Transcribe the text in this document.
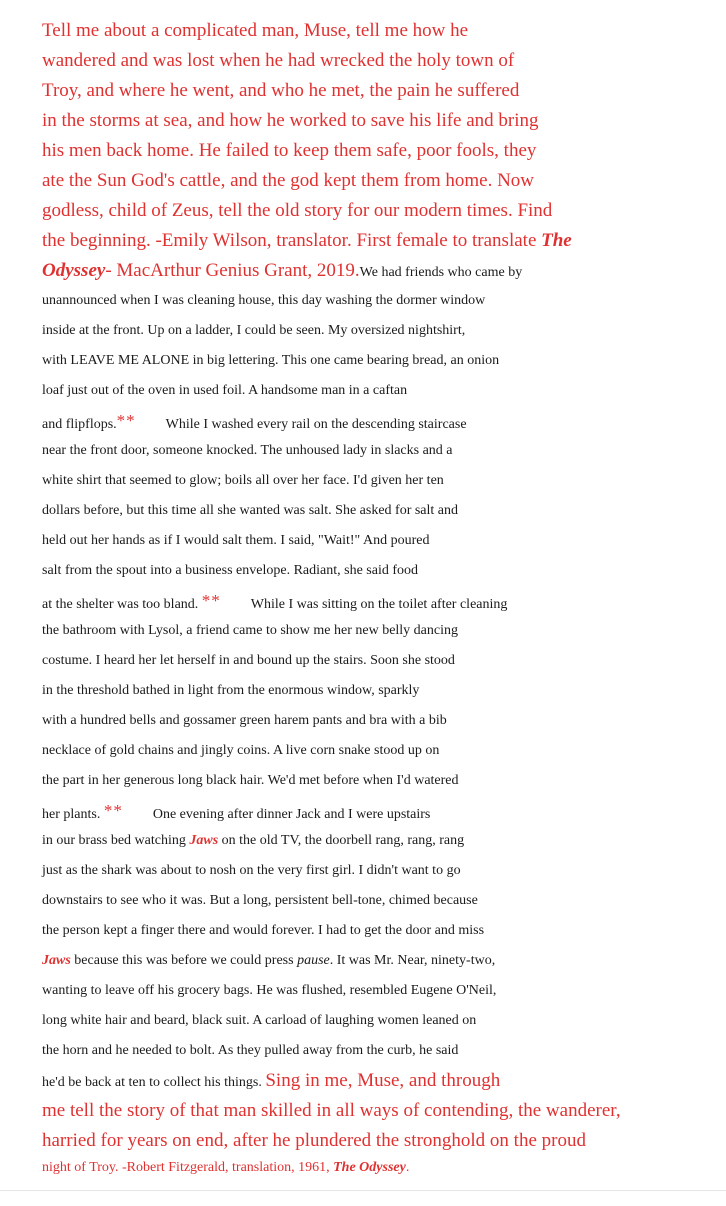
Tell me about a complicated man, Muse, tell me how he
wandered and was lost when he had wrecked the holy town of
Troy, and where he went, and who he met, the pain he suffered
in the storms at sea, and how he worked to save his life and bring
his men back home. He failed to keep them safe, poor fools, they
ate the Sun God's cattle, and the god kept them from home. Now
godless, child of Zeus, tell the old story for our modern times. Find
the beginning. -Emily Wilson, translator. First female to translate The
Odyssey- MacArthur Genius Grant, 2019.We had friends who came by
unannounced when I was cleaning house, this day washing the dormer window
inside at the front. Up on a ladder, I could be seen. My oversized nightshirt,
with LEAVE ME ALONE in big lettering. This one came bearing bread, an onion
loaf just out of the oven in used foil. A handsome man in a caftan
and flipflops.** While I washed every rail on the descending staircase
near the front door, someone knocked. The unhoused lady in slacks and a
white shirt that seemed to glow; boils all over her face. I'd given her ten
dollars before, but this time all she wanted was salt. She asked for salt and
held out her hands as if I would salt them. I said, "Wait!" And poured
salt from the spout into a business envelope. Radiant, she said food
at the shelter was too bland. ** While I was sitting on the toilet after cleaning
the bathroom with Lysol, a friend came to show me her new belly dancing
costume. I heard her let herself in and bound up the stairs. Soon she stood
in the threshold bathed in light from the enormous window, sparkly
with a hundred bells and gossamer green harem pants and bra with a bib
necklace of gold chains and jingly coins. A live corn snake stood up on
the part in her generous long black hair. We'd met before when I'd watered
her plants. ** One evening after dinner Jack and I were upstairs
in our brass bed watching Jaws on the old TV, the doorbell rang, rang, rang
just as the shark was about to nosh on the very first girl. I didn't want to go
downstairs to see who it was. But a long, persistent bell-tone, chimed because
the person kept a finger there and would forever. I had to get the door and miss
Jaws because this was before we could press pause. It was Mr. Near, ninety-two,
wanting to leave off his grocery bags. He was flushed, resembled Eugene O'Neil,
long white hair and beard, black suit. A carload of laughing women leaned on
the horn and he needed to bolt. As they pulled away from the curb, he said
he'd be back at ten to collect his things. Sing in me, Muse, and through
me tell the story of that man skilled in all ways of contending, the wanderer,
harried for years on end, after he plundered the stronghold on the proud
night of Troy. -Robert Fitzgerald, translation, 1961, The Odyssey.
